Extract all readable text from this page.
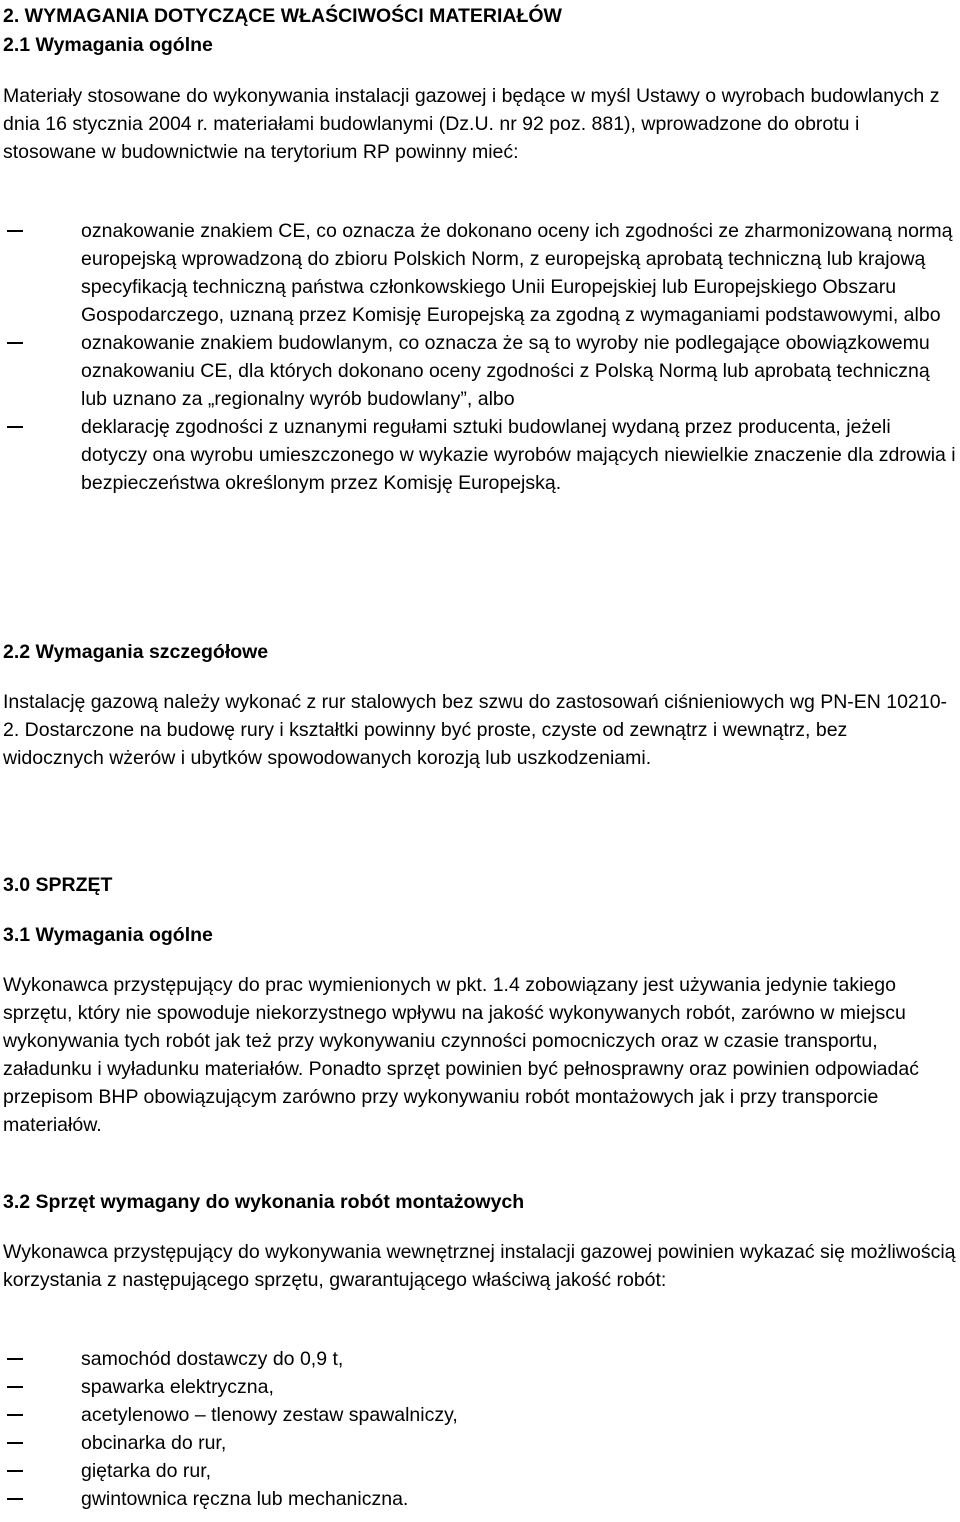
2. WYMAGANIA DOTYCZĄCE WŁAŚCIWOŚCI MATERIAŁÓW
2.1 Wymagania ogólne

Materiały stosowane do wykonywania instalacji gazowej i będące w myśl Ustawy o wyrobach budowlanych z dnia 16 stycznia 2004 r. materiałami budowlanymi (Dz.U. nr 92 poz. 881), wprowadzone do obrotu i stosowane w budownictwie na terytorium RP powinny mieć:

oznakowanie znakiem CE, co oznacza że dokonano oceny ich zgodności ze zharmonizowaną normą europejską wprowadzoną do zbioru Polskich Norm, z europejską aprobatą techniczną lub krajową specyfikacją techniczną państwa członkowskiego Unii Europejskiej lub Europejskiego Obszaru Gospodarczego, uznaną przez Komisję Europejską za zgodną z wymaganiami podstawowymi, albo
oznakowanie znakiem budowlanym, co oznacza że są to wyroby nie podlegające obowiązkowemu oznakowaniu CE, dla których dokonano oceny zgodności z Polską Normą lub aprobatą techniczną lub uznano za „regionalny wyrób budowlany”, albo
deklarację zgodności z uznanymi regułami sztuki budowlanej wydaną przez producenta, jeżeli dotyczy ona wyrobu umieszczonego w wykazie wyrobów mających niewielkie znaczenie dla zdrowia i bezpieczeństwa określonym przez Komisję Europejską.
2.2 Wymagania szczegółowe

Instalację gazową należy wykonać z rur stalowych bez szwu do zastosowań ciśnieniowych wg PN-EN 10210-2. Dostarczone na budowę rury i kształtki powinny być proste, czyste od zewnątrz i wewnątrz, bez widocznych wżerów i ubytków spowodowanych korozją lub uszkodzeniami.

3.0 SPRZĘT
3.1 Wymagania ogólne

Wykonawca przystępujący do prac wymienionych w pkt. 1.4 zobowiązany jest używania jedynie takiego sprzętu, który nie spowoduje niekorzystnego wpływu na jakość wykonywanych robót, zarówno w miejscu wykonywania tych robót jak też przy wykonywaniu czynności pomocniczych oraz w czasie transportu, załadunku i wyładunku materiałów. Ponadto sprzęt powinien być pełnosprawny oraz powinien odpowiadać przepisom BHP obowiązującym zarówno przy wykonywaniu robót montażowych jak i przy transporcie materiałów.

3.2 Sprzęt wymagany do wykonania robót montażowych

Wykonawca przystępujący do wykonywania wewnętrznej instalacji gazowej powinien wykazać się możliwością korzystania z następującego sprzętu, gwarantującego właściwą jakość robót:

samochód dostawczy do 0,9 t,
spawarka elektryczna,
acetylenowo – tlenowy zestaw spawalniczy,
obcinarka do rur,
giętarka do rur,
gwintownica ręczna lub mechaniczna.
